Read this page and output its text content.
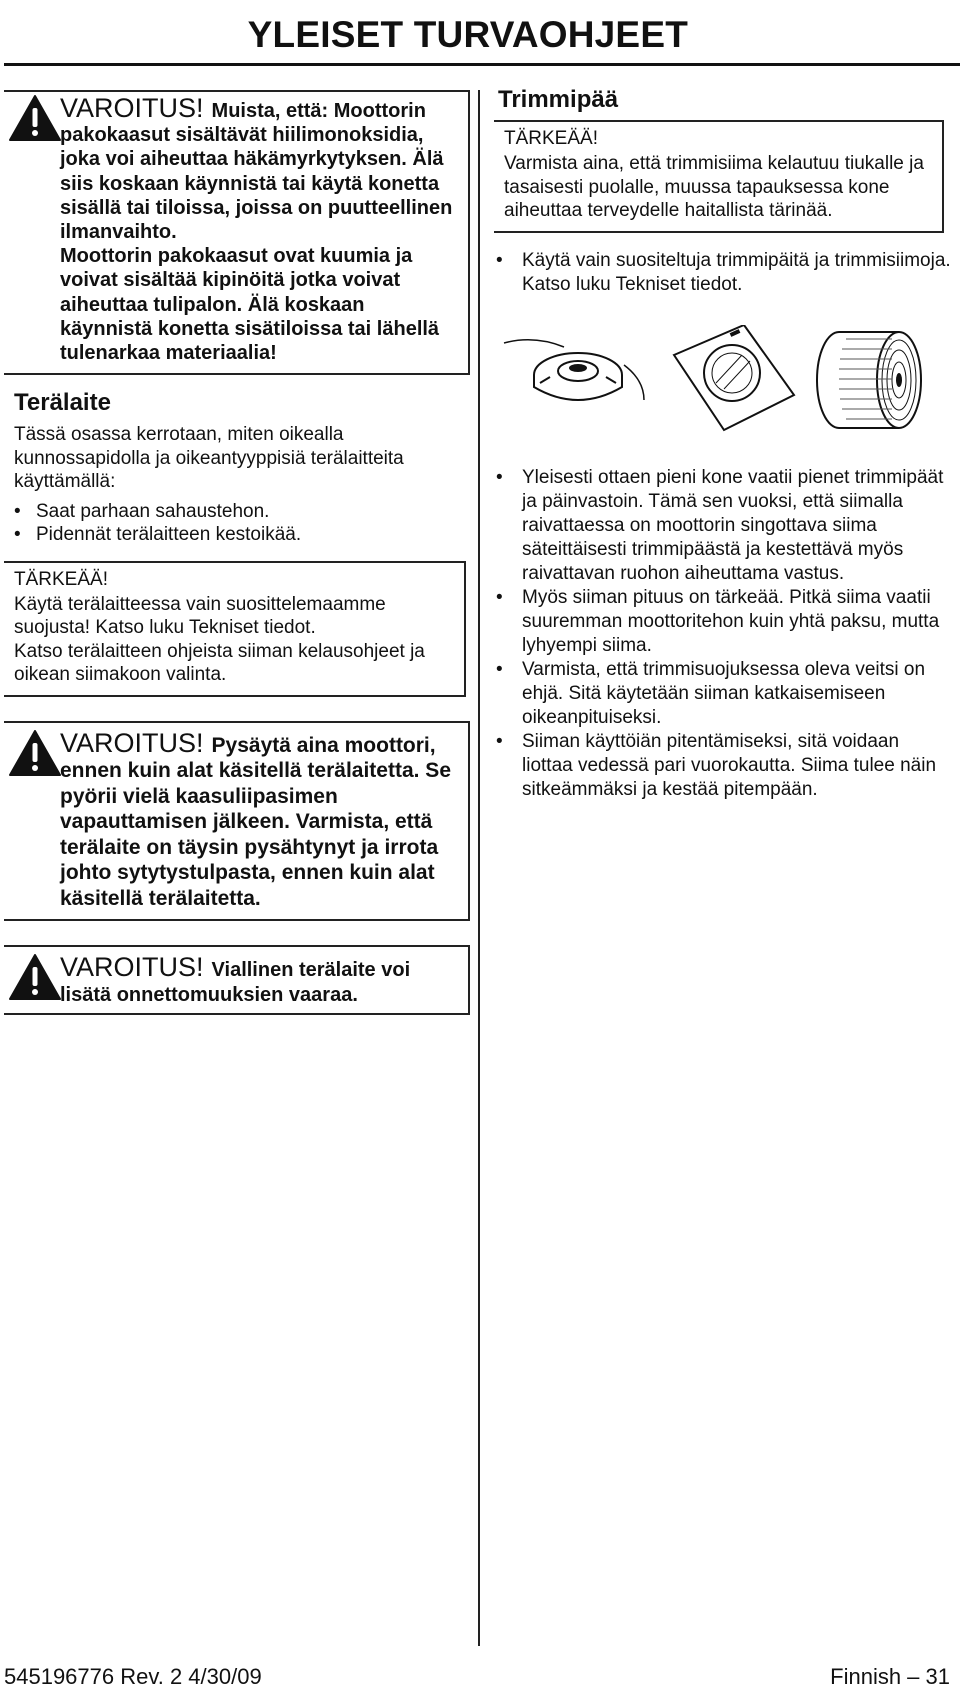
YLEISET TURVAOHJEET

VAROITUS! Muista, että: Moottorin pakokaasut sisältävät hiilimonoksidia, joka voi aiheuttaa häkämyrkytyksen. Älä siis koskaan käynnistä tai käytä konetta sisällä tai tiloissa, joissa on puutteellinen ilmanvaihto.

Moottorin pakokaasut ovat kuumia ja voivat sisältää kipinöitä jotka voivat aiheuttaa tulipalon. Älä koskaan käynnistä konetta sisätiloissa tai lähellä tulenarkaa materiaalia!

Terälaite

Tässä osassa kerrotaan, miten oikealla kunnossapidolla ja oikeantyyppisiä terälaitteita käyttämällä:

• Saat parhaan sahaustehon.
• Pidennät terälaitteen kestoikää.
TÄRKEÄÄ!
Käytä terälaitteessa vain suosittelemaamme suojusta! Katso luku Tekniset tiedot.
Katso terälaitteen ohjeista siiman kelausohjeet ja oikean siimakoon valinta.
VAROITUS! Pysäytä aina moottori, ennen kuin alat käsitellä terälaitetta. Se pyörii vielä kaasuliipasimen vapauttamisen jälkeen. Varmista, että terälaite on täysin pysähtynyt ja irrota johto sytytystulpasta, ennen kuin alat käsitellä terälaitetta.
VAROITUS! Viallinen terälaite voi lisätä onnettomuuksien vaaraa.
Trimmipää
TÄRKEÄÄ!
Varmista aina, että trimmisiima kelautuu tiukalle ja tasaisesti puolalle, muussa tapauksessa kone aiheuttaa terveydelle haitallista tärinää.
• Käytä vain suositeltuja trimmipäitä ja trimmisiimoja. Katso luku Tekniset tiedot.
• Yleisesti ottaen pieni kone vaatii pienet trimmipäät ja päinvastoin. Tämä sen vuoksi, että siimalla raivattaessa on moottorin singottava siima säteittäisesti trimmipäästä ja kestettävä myös raivattavan ruohon aiheuttama vastus.
• Myös siiman pituus on tärkeää. Pitkä siima vaatii suuremman moottoritehon kuin yhtä paksu, mutta lyhyempi siima.
• Varmista, että trimmisuojuksessa oleva veitsi on ehjä. Sitä käytetään siiman katkaisemiseen oikeanpituiseksi.
• Siiman käyttöiän pitentämiseksi, sitä voidaan liottaa vedessä pari vuorokautta. Siima tulee näin sitkeämmäksi ja kestää pitempään.
545196776 Rev. 2 4/30/09	Finnish – 31
